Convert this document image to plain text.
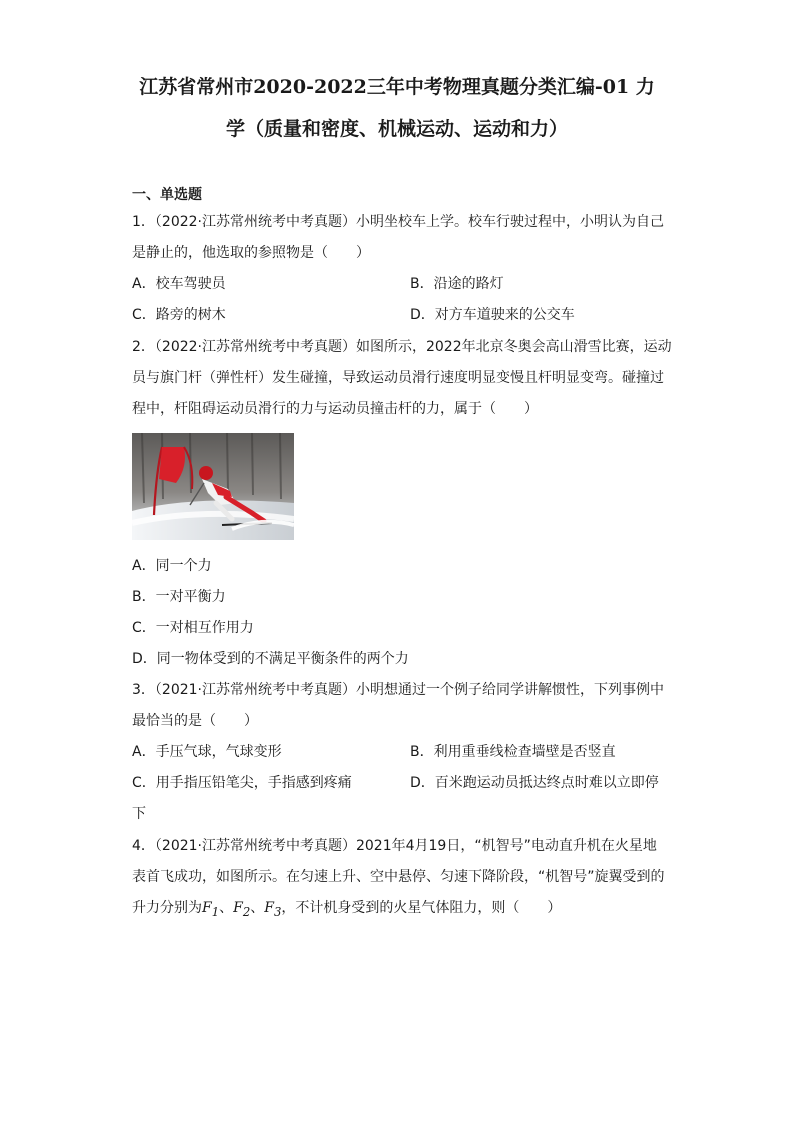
江苏省常州市2020-2022三年中考物理真题分类汇编-01 力
学（质量和密度、机械运动、运动和力）
一、单选题
1．（2022·江苏常州统考中考真题）小明坐校车上学。校车行驶过程中，小明认为自己
是静止的，他选取的参照物是（　　）
A．校车驾驶员	B．沿途的路灯
C．路旁的树木	D．对方车道驶来的公交车
2．（2022·江苏常州统考中考真题）如图所示，2022年北京冬奥会高山滑雪比赛，运动
员与旗门杆（弹性杆）发生碰撞，导致运动员滑行速度明显变慢且杆明显变弯。碰撞过
程中，杆阻碍运动员滑行的力与运动员撞击杆的力，属于（　　）
A．同一个力
B．一对平衡力
C．一对相互作用力
D．同一物体受到的不满足平衡条件的两个力
3．（2021·江苏常州统考中考真题）小明想通过一个例子给同学讲解惯性，下列事例中
最恰当的是（　　）
A．手压气球，气球变形	B．利用重垂线检查墙壁是否竖直
C．用手指压铅笔尖，手指感到疼痛	D．百米跑运动员抵达终点时难以立即停
下
4．（2021·江苏常州统考中考真题）2021年4月19日，“机智号”电动直升机在火星地
表首飞成功，如图所示。在匀速上升、空中悬停、匀速下降阶段，“机智号”旋翼受到的
升力分别为$F_1$、$F_2$、$F_3$，不计机身受到的火星气体阻力，则（　　）
